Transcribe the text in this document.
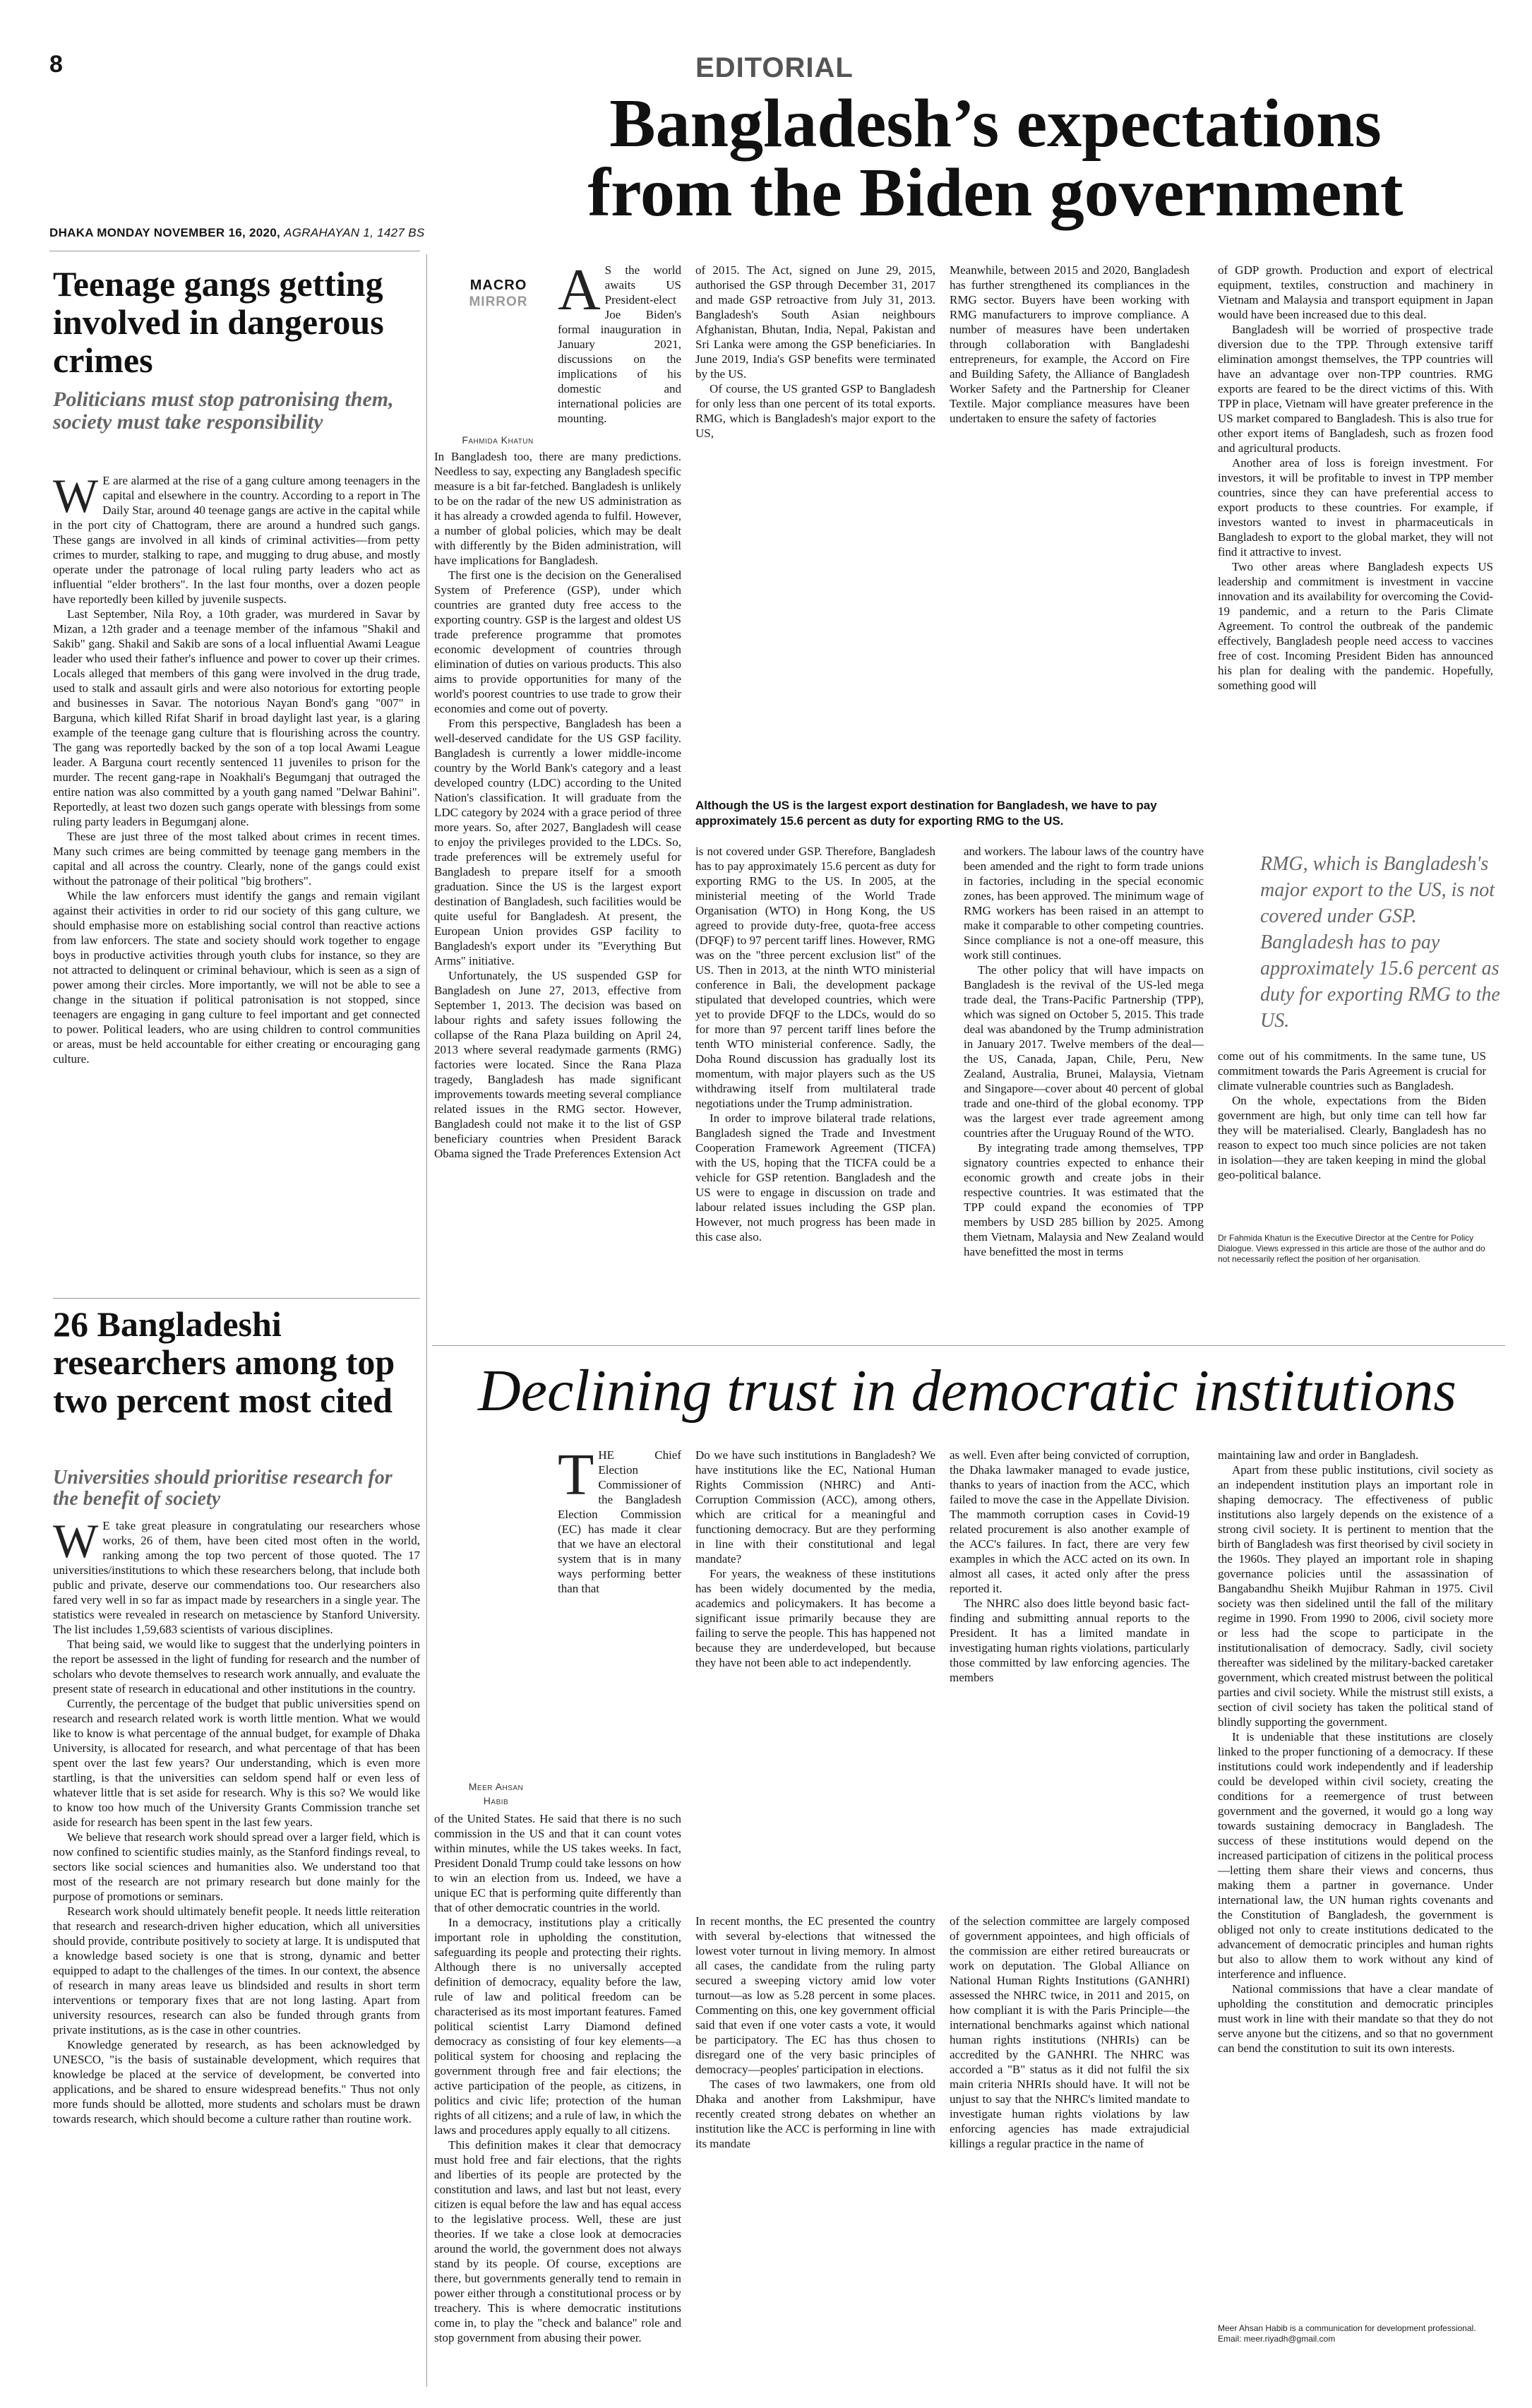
8	EDITORIAL
Bangladesh’s expectations
from the Biden government
DHAKA MONDAY NOVEMBER 16, 2020, AGRAHAYAN 1, 1427 BS
Teenage gangs getting involved in dangerous crimes
Politicians must stop patronising them, society must take responsibility

W E are alarmed at the rise of a gang culture among teenagers in the capital and elsewhere in the country. According to a report in The Daily Star, around 40 teenage gangs are active in the capital while in the port city of Chattogram, there are around a hundred such gangs. These gangs are involved in all kinds of criminal activities—from petty crimes to murder, stalking to rape, and mugging to drug abuse, and mostly operate under the patronage of local ruling party leaders who act as influential "elder brothers". In the last four months, over a dozen people have reportedly been killed by juvenile suspects.

Last September, Nila Roy, a 10th grader, was murdered in Savar by Mizan, a 12th grader and a teenage member of the infamous "Shakil and Sakib" gang. Shakil and Sakib are sons of a local influential Awami League leader who used their father's influence and power to cover up their crimes. Locals alleged that members of this gang were involved in the drug trade, used to stalk and assault girls and were also notorious for extorting people and businesses in Savar. The notorious Nayan Bond's gang "007" in Barguna, which killed Rifat Sharif in broad daylight last year, is a glaring example of the teenage gang culture that is flourishing across the country. The gang was reportedly backed by the son of a top local Awami League leader. A Barguna court recently sentenced 11 juveniles to prison for the murder. The recent gang-rape in Noakhali's Begumganj that outraged the entire nation was also committed by a youth gang named "Delwar Bahini". Reportedly, at least two dozen such gangs operate with blessings from some ruling party leaders in Begumganj alone.

These are just three of the most talked about crimes in recent times. Many such crimes are being committed by teenage gang members in the capital and all across the country. Clearly, none of the gangs could exist without the patronage of their political "big brothers".

While the law enforcers must identify the gangs and remain vigilant against their activities in order to rid our society of this gang culture, we should emphasise more on establishing social control than reactive actions from law enforcers. The state and society should work together to engage boys in productive activities through youth clubs for instance, so they are not attracted to delinquent or criminal behaviour, which is seen as a sign of power among their circles. More importantly, we will not be able to see a change in the situation if political patronisation is not stopped, since teenagers are engaging in gang culture to feel important and get connected to power. Political leaders, who are using children to control communities or areas, must be held accountable for either creating or encouraging gang culture.

26 Bangladeshi researchers among top two percent most cited
Universities should prioritise research for the benefit of society

W E take great pleasure in congratulating our researchers whose works, 26 of them, have been cited most often in the world, ranking among the top two percent of those quoted. The 17 universities/institutions to which these researchers belong, that include both public and private, deserve our commendations too. Our researchers also fared very well in so far as impact made by researchers in a single year. The statistics were revealed in research on metascience by Stanford University. The list includes 1,59,683 scientists of various disciplines.

That being said, we would like to suggest that the underlying pointers in the report be assessed in the light of funding for research and the number of scholars who devote themselves to research work annually, and evaluate the present state of research in educational and other institutions in the country.

Currently, the percentage of the budget that public universities spend on research and research related work is worth little mention. What we would like to know is what percentage of the annual budget, for example of Dhaka University, is allocated for research, and what percentage of that has been spent over the last few years? Our understanding, which is even more startling, is that the universities can seldom spend half or even less of whatever little that is set aside for research. Why is this so? We would like to know too how much of the University Grants Commission tranche set aside for research has been spent in the last few years.

We believe that research work should spread over a larger field, which is now confined to scientific studies mainly, as the Stanford findings reveal, to sectors like social sciences and humanities also. We understand too that most of the research are not primary research but done mainly for the purpose of promotions or seminars.

Research work should ultimately benefit people. It needs little reiteration that research and research-driven higher education, which all universities should provide, contribute positively to society at large. It is undisputed that a knowledge based society is one that is strong, dynamic and better equipped to adapt to the challenges of the times. In our context, the absence of research in many areas leave us blindsided and results in short term interventions or temporary fixes that are not long lasting. Apart from university resources, research can also be funded through grants from private institutions, as is the case in other countries.

Knowledge generated by research, as has been acknowledged by UNESCO, "is the basis of sustainable development, which requires that knowledge be placed at the service of development, be converted into applications, and be shared to ensure widespread benefits." Thus not only more funds should be allotted, more students and scholars must be drawn towards research, which should become a culture rather than routine work.

MACRO
MIRROR
Fahmida Khatun

A S the world awaits US President-elect Joe Biden's formal inauguration in January 2021, discussions on the implications of his domestic and international policies are mounting.

In Bangladesh too, there are many predictions. Needless to say, expecting any Bangladesh specific measure is a bit far-fetched. Bangladesh is unlikely to be on the radar of the new US administration as it has already a crowded agenda to fulfil. However, a number of global policies, which may be dealt with differently by the Biden administration, will have implications for Bangladesh.

The first one is the decision on the Generalised System of Preference (GSP), under which countries are granted duty free access to the exporting country. GSP is the largest and oldest US trade preference programme that promotes economic development of countries through elimination of duties on various products. This also aims to provide opportunities for many of the world's poorest countries to use trade to grow their economies and come out of poverty.

From this perspective, Bangladesh has been a well-deserved candidate for the US GSP facility. Bangladesh is currently a lower middle-income country by the World Bank's category and a least developed country (LDC) according to the United Nation's classification. It will graduate from the LDC category by 2024 with a grace period of three more years. So, after 2027, Bangladesh will cease to enjoy the privileges provided to the LDCs. So, trade preferences will be extremely useful for Bangladesh to prepare itself for a smooth graduation. Since the US is the largest export destination of Bangladesh, such facilities would be quite useful for Bangladesh. At present, the European Union provides GSP facility to Bangladesh's export under its "Everything But Arms" initiative.

Unfortunately, the US suspended GSP for Bangladesh on June 27, 2013, effective from September 1, 2013. The decision was based on labour rights and safety issues following the collapse of the Rana Plaza building on April 24, 2013 where several readymade garments (RMG) factories were located. Since the Rana Plaza tragedy, Bangladesh has made significant improvements towards meeting several compliance related issues in the RMG sector. However, Bangladesh could not make it to the list of GSP beneficiary countries when President Barack Obama signed the Trade Preferences Extension Act

of 2015. The Act, signed on June 29, 2015, authorised the GSP through December 31, 2017 and made GSP retroactive from July 31, 2013. Bangladesh's South Asian neighbours Afghanistan, Bhutan, India, Nepal, Pakistan and Sri Lanka were among the GSP beneficiaries. In June 2019, India's GSP benefits were terminated by the US.

Of course, the US granted GSP to Bangladesh for only less than one percent of its total exports. RMG, which is Bangladesh's major export to the US,

Meanwhile, between 2015 and 2020, Bangladesh has further strengthened its compliances in the RMG sector. Buyers have been working with RMG manufacturers to improve compliance. A number of measures have been undertaken through collaboration with Bangladeshi entrepreneurs, for example, the Accord on Fire and Building Safety, the Alliance of Bangladesh Worker Safety and the Partnership for Cleaner Textile. Major compliance measures have been undertaken to ensure the safety of factories

of GDP growth. Production and export of electrical equipment, textiles, construction and machinery in Vietnam and Malaysia and transport equipment in Japan would have been increased due to this deal.

Bangladesh will be worried of prospective trade diversion due to the TPP. Through extensive tariff elimination amongst themselves, the TPP countries will have an advantage over non-TPP countries. RMG exports are feared to be the direct victims of this. With TPP in place, Vietnam will have greater preference in the US market compared to Bangladesh. This is also true for other export items of Bangladesh, such as frozen food and agricultural products.

Another area of loss is foreign investment. For investors, it will be profitable to invest in TPP member countries, since they can have preferential access to export products to these countries. For example, if investors wanted to invest in pharmaceuticals in Bangladesh to export to the global market, they will not find it attractive to invest.

Two other areas where Bangladesh expects US leadership and commitment is investment in vaccine innovation and its availability for overcoming the Covid-19 pandemic, and a return to the Paris Climate Agreement. To control the outbreak of the pandemic effectively, Bangladesh people need access to vaccines free of cost. Incoming President Biden has announced his plan for dealing with the pandemic. Hopefully, something good will

Although the US is the largest export destination for Bangladesh, we have to pay approximately 15.6 percent as duty for exporting RMG to the US.

is not covered under GSP. Therefore, Bangladesh has to pay approximately 15.6 percent as duty for exporting RMG to the US. In 2005, at the ministerial meeting of the World Trade Organisation (WTO) in Hong Kong, the US agreed to provide duty-free, quota-free access (DFQF) to 97 percent tariff lines. However, RMG was on the "three percent exclusion list" of the US. Then in 2013, at the ninth WTO ministerial conference in Bali, the development package stipulated that developed countries, which were yet to provide DFQF to the LDCs, would do so for more than 97 percent tariff lines before the tenth WTO ministerial conference. Sadly, the Doha Round discussion has gradually lost its momentum, with major players such as the US withdrawing itself from multilateral trade negotiations under the Trump administration.

In order to improve bilateral trade relations, Bangladesh signed the Trade and Investment Cooperation Framework Agreement (TICFA) with the US, hoping that the TICFA could be a vehicle for GSP retention. Bangladesh and the US were to engage in discussion on trade and labour related issues including the GSP plan. However, not much progress has been made in this case also.

and workers. The labour laws of the country have been amended and the right to form trade unions in factories, including in the special economic zones, has been approved. The minimum wage of RMG workers has been raised in an attempt to make it comparable to other competing countries. Since compliance is not a one-off measure, this work still continues.

The other policy that will have impacts on Bangladesh is the revival of the US-led mega trade deal, the Trans-Pacific Partnership (TPP), which was signed on October 5, 2015. This trade deal was abandoned by the Trump administration in January 2017. Twelve members of the deal—the US, Canada, Japan, Chile, Peru, New Zealand, Australia, Brunei, Malaysia, Vietnam and Singapore—cover about 40 percent of global trade and one-third of the global economy. TPP was the largest ever trade agreement among countries after the Uruguay Round of the WTO.

By integrating trade among themselves, TPP signatory countries expected to enhance their economic growth and create jobs in their respective countries. It was estimated that the TPP could expand the economies of TPP members by USD 285 billion by 2025. Among them Vietnam, Malaysia and New Zealand would have benefitted the most in terms

RMG, which is Bangladesh's major export to the US, is not covered under GSP. Bangladesh has to pay approximately 15.6 percent as duty for exporting RMG to the US.

come out of his commitments. In the same tune, US commitment towards the Paris Agreement is crucial for climate vulnerable countries such as Bangladesh.

On the whole, expectations from the Biden government are high, but only time can tell how far they will be materialised. Clearly, Bangladesh has no reason to expect too much since policies are not taken in isolation—they are taken keeping in mind the global geo-political balance.

Dr Fahmida Khatun is the Executive Director at the Centre for Policy Dialogue. Views expressed in this article are those of the author and do not necessarily reflect the position of her organisation.
Declining trust in democratic institutions
Meer Ahsan
Habib

THE Chief Election Commissioner of the Bangladesh Election Commission (EC) has made it clear that we have an electoral system that is in many ways performing better than that

of the United States. He said that there is no such commission in the US and that it can count votes within minutes, while the US takes weeks. In fact, President Donald Trump could take lessons on how to win an election from us. Indeed, we have a unique EC that is performing quite differently than that of other democratic countries in the world.

In a democracy, institutions play a critically important role in upholding the constitution, safeguarding its people and protecting their rights. Although there is no universally accepted definition of democracy, equality before the law, rule of law and political freedom can be characterised as its most important features. Famed political scientist Larry Diamond defined democracy as consisting of four key elements—a political system for choosing and replacing the government through free and fair elections; the active participation of the people, as citizens, in politics and civic life; protection of the human rights of all citizens; and a rule of law, in which the laws and procedures apply equally to all citizens.

This definition makes it clear that democracy must hold free and fair elections, that the rights and liberties of its people are protected by the constitution and laws, and last but not least, every citizen is equal before the law and has equal access to the legislative process. Well, these are just theories. If we take a close look at democracies around the world, the government does not always stand by its people. Of course, exceptions are there, but governments generally tend to remain in power either through a constitutional process or by treachery. This is where democratic institutions come in, to play the "check and balance" role and stop government from abusing their power.

Do we have such institutions in Bangladesh? We have institutions like the EC, National Human Rights Commission (NHRC) and Anti-Corruption Commission (ACC), among others, which are critical for a meaningful and functioning democracy. But are they performing in line with their constitutional and legal mandate?

For years, the weakness of these institutions has been widely documented by the media, academics and policymakers. It has become a significant issue primarily because they are failing to serve the people. This has happened not because they are underdeveloped, but because they have not been able to act independently.

as well. Even after being convicted of corruption, the Dhaka lawmaker managed to evade justice, thanks to years of inaction from the ACC, which failed to move the case in the Appellate Division. The mammoth corruption cases in Covid-19 related procurement is also another example of the ACC's failures. In fact, there are very few examples in which the ACC acted on its own. In almost all cases, it acted only after the press reported it.

The NHRC also does little beyond basic fact-finding and submitting annual reports to the President. It has a limited mandate in investigating human rights violations, particularly those committed by law enforcing agencies. The members

In recent months, the EC presented the country with several by-elections that witnessed the lowest voter turnout in living memory. In almost all cases, the candidate from the ruling party secured a sweeping victory amid low voter turnout—as low as 5.28 percent in some places. Commenting on this, one key government official said that even if one voter casts a vote, it would be participatory. The EC has thus chosen to disregard one of the very basic principles of democracy—peoples' participation in elections.

The cases of two lawmakers, one from old Dhaka and another from Lakshmipur, have recently created strong debates on whether an institution like the ACC is performing in line with its mandate

of the selection committee are largely composed of government appointees, and high officials of the commission are either retired bureaucrats or work on deputation. The Global Alliance on National Human Rights Institutions (GANHRI) assessed the NHRC twice, in 2011 and 2015, on how compliant it is with the Paris Principle—the international benchmarks against which national human rights institutions (NHRIs) can be accredited by the GANHRI. The NHRC was accorded a "B" status as it did not fulfil the six main criteria NHRIs should have. It will not be unjust to say that the NHRC's limited mandate to investigate human rights violations by law enforcing agencies has made extrajudicial killings a regular practice in the name of

maintaining law and order in Bangladesh.

Apart from these public institutions, civil society as an independent institution plays an important role in shaping democracy. The effectiveness of public institutions also largely depends on the existence of a strong civil society. It is pertinent to mention that the birth of Bangladesh was first theorised by civil society in the 1960s. They played an important role in shaping governance policies until the assassination of Bangabandhu Sheikh Mujibur Rahman in 1975. Civil society was then sidelined until the fall of the military regime in 1990. From 1990 to 2006, civil society more or less had the scope to participate in the institutionalisation of democracy. Sadly, civil society thereafter was sidelined by the military-backed caretaker government, which created mistrust between the political parties and civil society. While the mistrust still exists, a section of civil society has taken the political stand of blindly supporting the government.

It is undeniable that these institutions are closely linked to the proper functioning of a democracy. If these institutions could work independently and if leadership could be developed within civil society, creating the conditions for a reemergence of trust between government and the governed, it would go a long way towards sustaining democracy in Bangladesh. The success of these institutions would depend on the increased participation of citizens in the political process—letting them share their views and concerns, thus making them a partner in governance. Under international law, the UN human rights covenants and the Constitution of Bangladesh, the government is obliged not only to create institutions dedicated to the advancement of democratic principles and human rights but also to allow them to work without any kind of interference and influence.

National commissions that have a clear mandate of upholding the constitution and democratic principles must work in line with their mandate so that they do not serve anyone but the citizens, and so that no government can bend the constitution to suit its own interests.

Meer Ahsan Habib is a communication for development professional.
Email: meer.riyadh@gmail.com
